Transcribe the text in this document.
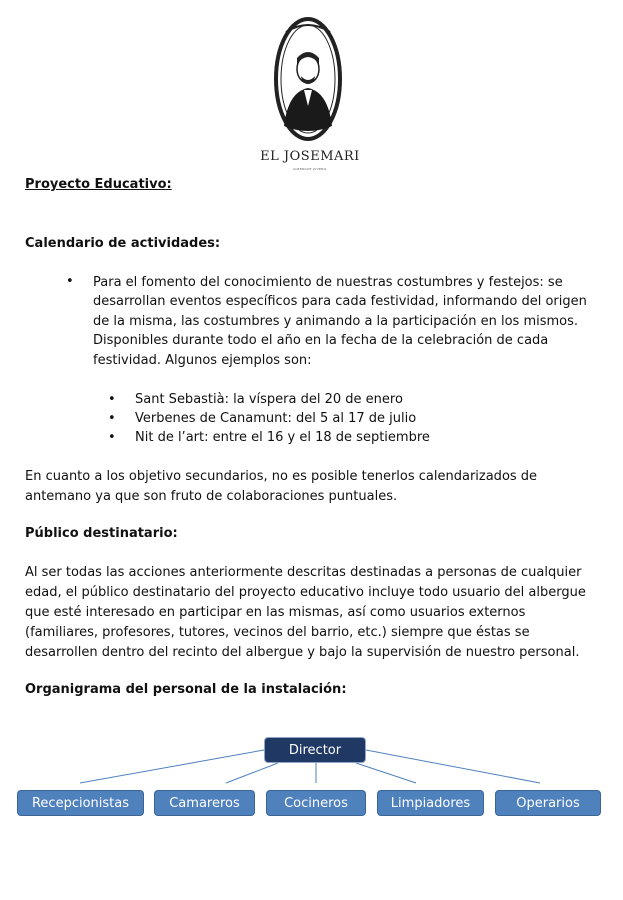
EL JOSEMARI
ALBERGUE JUVENIL
Proyecto Educativo:
Calendario de actividades:
• Para el fomento del conocimiento de nuestras costumbres y festejos: se desarrollan eventos específicos para cada festividad, informando del origen de la misma, las costumbres y animando a la participación en los mismos. Disponibles durante todo el año en la fecha de la celebración de cada festividad. Algunos ejemplos son:
• Sant Sebastià: la víspera del 20 de enero
• Verbenes de Canamunt: del 5 al 17 de julio
• Nit de l’art: entre el 16 y el 18 de septiembre
En cuanto a los objetivo secundarios, no es posible tenerlos calendarizados de antemano ya que son fruto de colaboraciones puntuales.
Público destinatario:
Al ser todas las acciones anteriormente descritas destinadas a personas de cualquier edad, el público destinatario del proyecto educativo incluye todo usuario del albergue que esté interesado en participar en las mismas, así como usuarios externos (familiares, profesores, tutores, vecinos del barrio, etc.) siempre que éstas se desarrollen dentro del recinto del albergue y bajo la supervisión de nuestro personal.
Organigrama del personal de la instalación:
Director
Recepcionistas	Camareros	Cocineros	Limpiadores	Operarios
